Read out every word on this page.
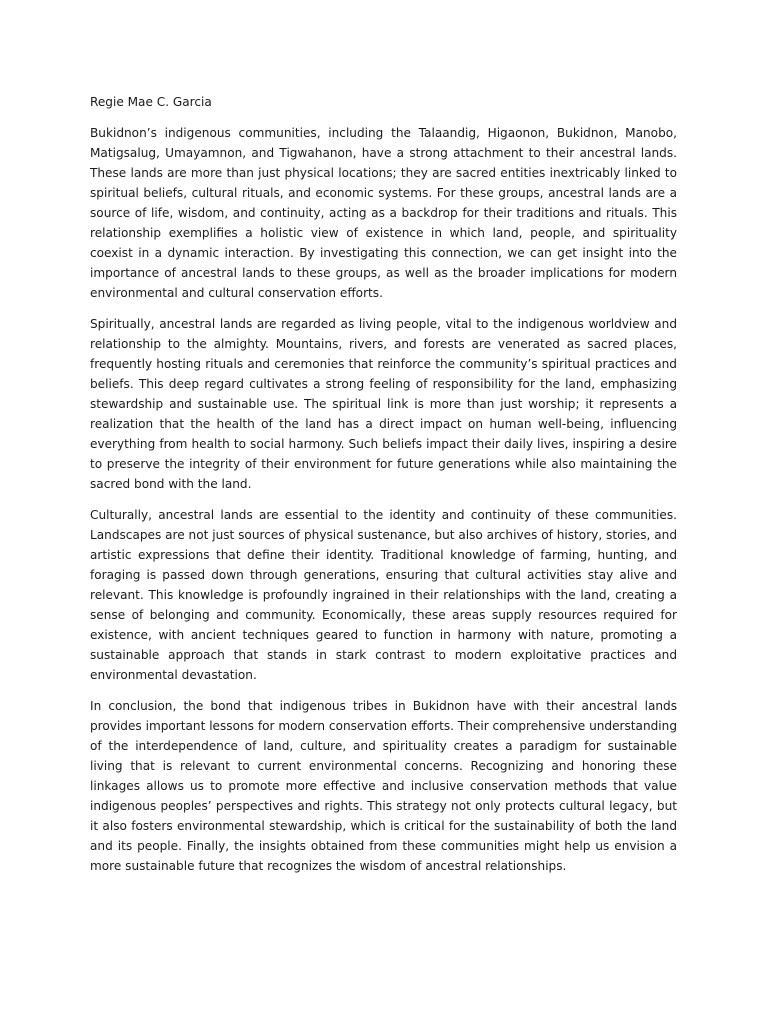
Regie Mae C. Garcia

Bukidnon’s indigenous communities, including the Talaandig, Higaonon, Bukidnon, Manobo, Matigsalug, Umayamnon, and Tigwahanon, have a strong attachment to their ancestral lands. These lands are more than just physical locations; they are sacred entities inextricably linked to spiritual beliefs, cultural rituals, and economic systems. For these groups, ancestral lands are a source of life, wisdom, and continuity, acting as a backdrop for their traditions and rituals. This relationship exemplifies a holistic view of existence in which land, people, and spirituality coexist in a dynamic interaction. By investigating this connection, we can get insight into the importance of ancestral lands to these groups, as well as the broader implications for modern environmental and cultural conservation efforts.

Spiritually, ancestral lands are regarded as living people, vital to the indigenous worldview and relationship to the almighty. Mountains, rivers, and forests are venerated as sacred places, frequently hosting rituals and ceremonies that reinforce the community’s spiritual practices and beliefs. This deep regard cultivates a strong feeling of responsibility for the land, emphasizing stewardship and sustainable use. The spiritual link is more than just worship; it represents a realization that the health of the land has a direct impact on human well-being, influencing everything from health to social harmony. Such beliefs impact their daily lives, inspiring a desire to preserve the integrity of their environment for future generations while also maintaining the sacred bond with the land.

Culturally, ancestral lands are essential to the identity and continuity of these communities. Landscapes are not just sources of physical sustenance, but also archives of history, stories, and artistic expressions that define their identity. Traditional knowledge of farming, hunting, and foraging is passed down through generations, ensuring that cultural activities stay alive and relevant. This knowledge is profoundly ingrained in their relationships with the land, creating a sense of belonging and community. Economically, these areas supply resources required for existence, with ancient techniques geared to function in harmony with nature, promoting a sustainable approach that stands in stark contrast to modern exploitative practices and environmental devastation.

In conclusion, the bond that indigenous tribes in Bukidnon have with their ancestral lands provides important lessons for modern conservation efforts. Their comprehensive understanding of the interdependence of land, culture, and spirituality creates a paradigm for sustainable living that is relevant to current environmental concerns. Recognizing and honoring these linkages allows us to promote more effective and inclusive conservation methods that value indigenous peoples’ perspectives and rights. This strategy not only protects cultural legacy, but it also fosters environmental stewardship, which is critical for the sustainability of both the land and its people. Finally, the insights obtained from these communities might help us envision a more sustainable future that recognizes the wisdom of ancestral relationships.
